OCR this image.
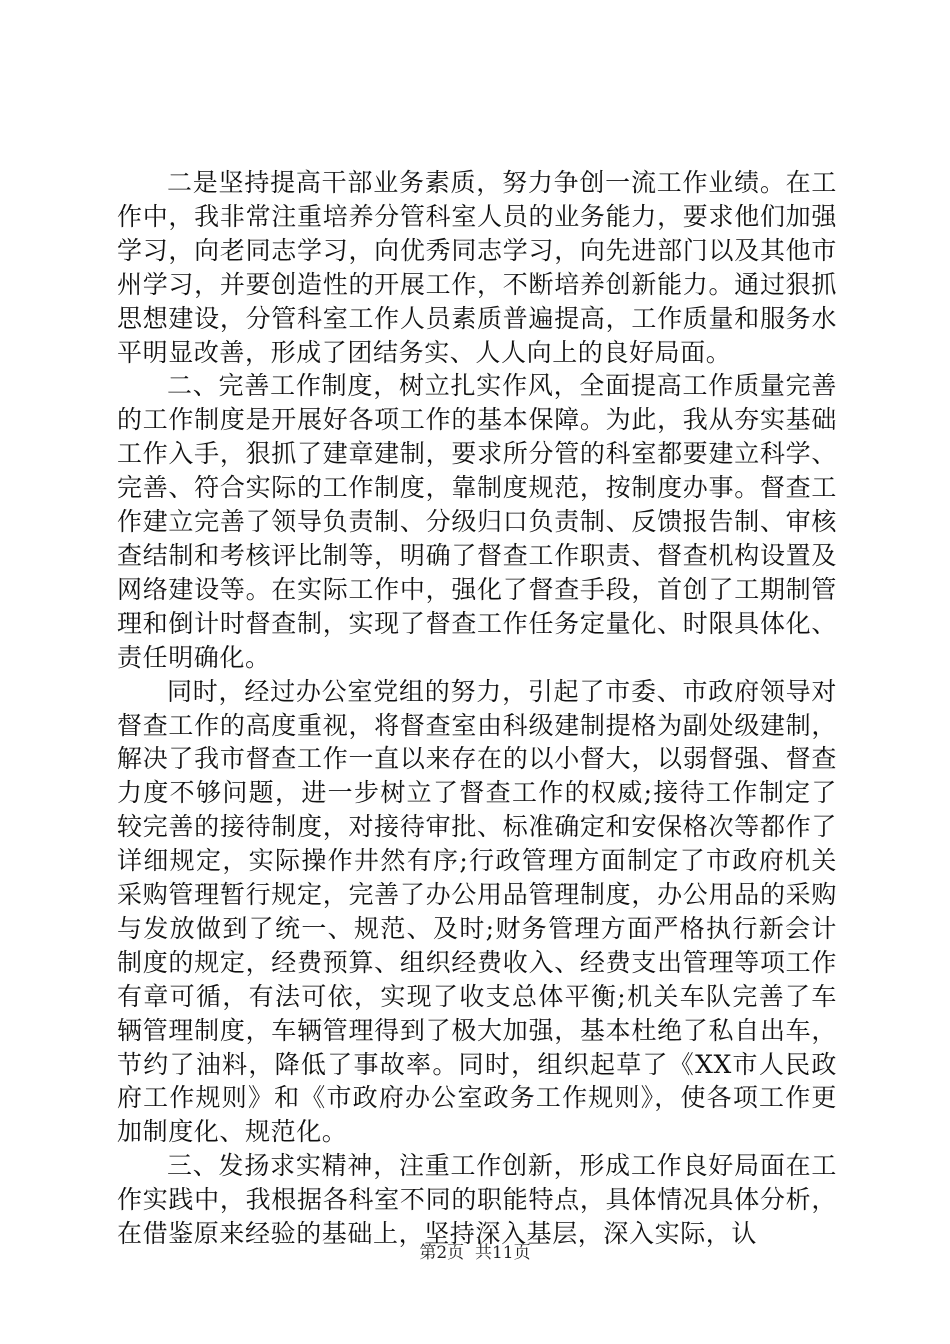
二是坚持提高干部业务素质，努力争创一流工作业绩。在工作中，我非常注重培养分管科室人员的业务能力，要求他们加强学习，向老同志学习，向优秀同志学习，向先进部门以及其他市州学习，并要创造性的开展工作，不断培养创新能力。通过狠抓思想建设，分管科室工作人员素质普遍提高，工作质量和服务水平明显改善，形成了团结务实、人人向上的良好局面。

二、完善工作制度，树立扎实作风，全面提高工作质量完善的工作制度是开展好各项工作的基本保障。为此，我从夯实基础工作入手，狠抓了建章建制，要求所分管的科室都要建立科学、完善、符合实际的工作制度，靠制度规范，按制度办事。督查工作建立完善了领导负责制、分级归口负责制、反馈报告制、审核查结制和考核评比制等，明确了督查工作职责、督查机构设置及网络建设等。在实际工作中，强化了督查手段，首创了工期制管理和倒计时督查制，实现了督查工作任务定量化、时限具体化、责任明确化。

同时，经过办公室党组的努力，引起了市委、市政府领导对督查工作的高度重视，将督查室由科级建制提格为副处级建制，解决了我市督查工作一直以来存在的以小督大，以弱督强、督查力度不够问题，进一步树立了督查工作的权威;接待工作制定了较完善的接待制度，对接待审批、标准确定和安保格次等都作了详细规定，实际操作井然有序;行政管理方面制定了市政府机关采购管理暂行规定，完善了办公用品管理制度，办公用品的采购与发放做到了统一、规范、及时;财务管理方面严格执行新会计制度的规定，经费预算、组织经费收入、经费支出管理等项工作有章可循，有法可依，实现了收支总体平衡;机关车队完善了车辆管理制度，车辆管理得到了极大加强，基本杜绝了私自出车，节约了油料，降低了事故率。同时，组织起草了《XX市人民政府工作规则》和《市政府办公室政务工作规则》，使各项工作更加制度化、规范化。

三、发扬求实精神，注重工作创新，形成工作良好局面在工作实践中，我根据各科室不同的职能特点，具体情况具体分析，在借鉴原来经验的基础上，坚持深入基层，深入实际，认

第2页  共11页
